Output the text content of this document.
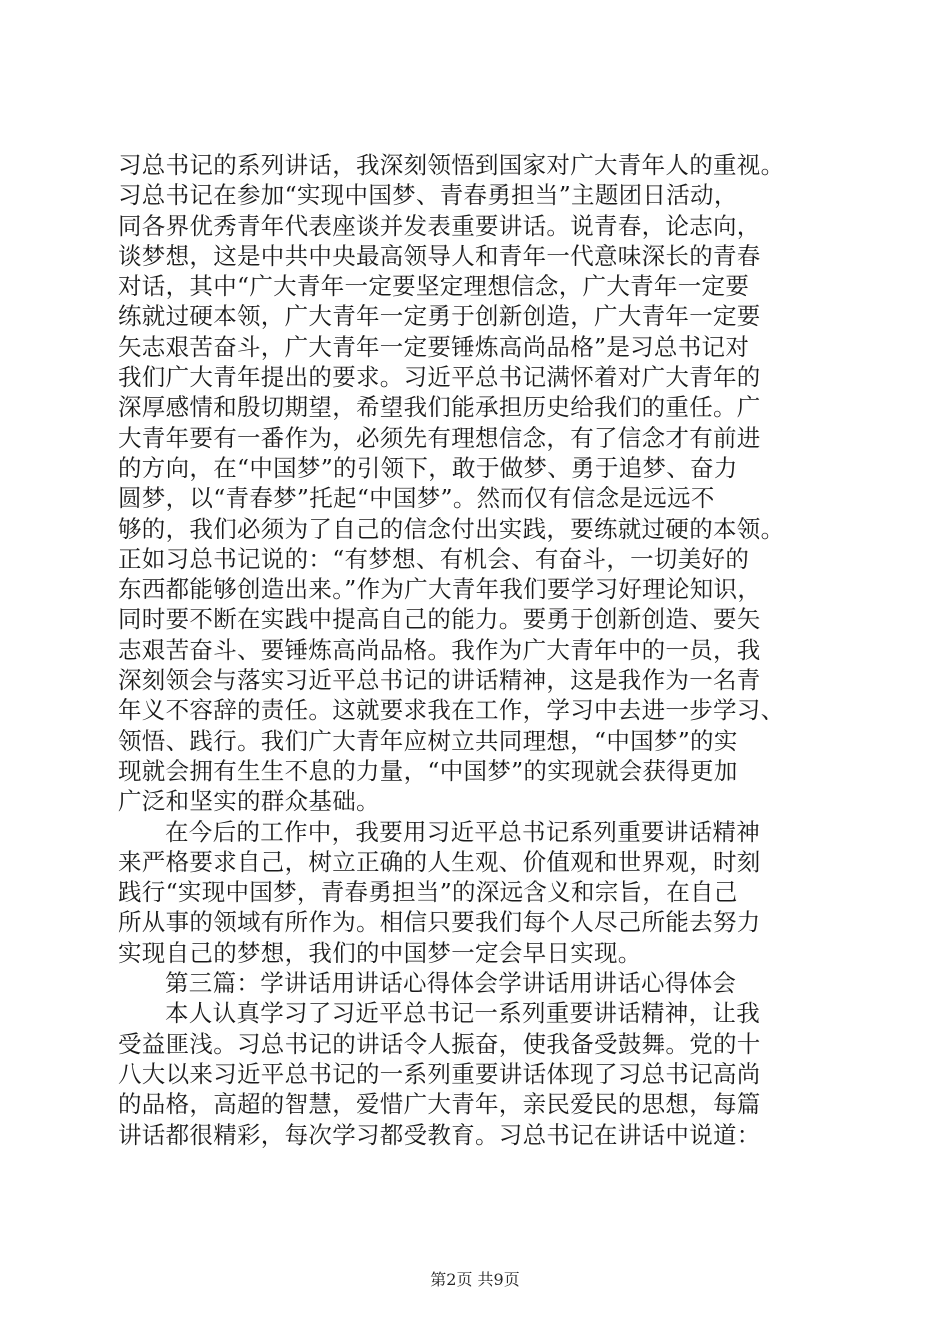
习总书记的系列讲话，我深刻领悟到国家对广大青年人的重视。
习总书记在参加“实现中国梦、青春勇担当”主题团日活动，
同各界优秀青年代表座谈并发表重要讲话。说青春，论志向，
谈梦想，这是中共中央最高领导人和青年一代意味深长的青春
对话，其中“广大青年一定要坚定理想信念，广大青年一定要
练就过硬本领，广大青年一定勇于创新创造，广大青年一定要
矢志艰苦奋斗，广大青年一定要锤炼高尚品格”是习总书记对
我们广大青年提出的要求。习近平总书记满怀着对广大青年的
深厚感情和殷切期望，希望我们能承担历史给我们的重任。广
大青年要有一番作为，必须先有理想信念，有了信念才有前进
的方向，在“中国梦”的引领下，敢于做梦、勇于追梦、奋力
圆梦，以“青春梦”托起“中国梦”。然而仅有信念是远远不
够的，我们必须为了自己的信念付出实践，要练就过硬的本领。
正如习总书记说的：“有梦想、有机会、有奋斗，一切美好的
东西都能够创造出来。”作为广大青年我们要学习好理论知识，
同时要不断在实践中提高自己的能力。要勇于创新创造、要矢
志艰苦奋斗、要锤炼高尚品格。我作为广大青年中的一员，我
深刻领会与落实习近平总书记的讲话精神，这是我作为一名青
年义不容辞的责任。这就要求我在工作，学习中去进一步学习、
领悟、践行。我们广大青年应树立共同理想，“中国梦”的实
现就会拥有生生不息的力量，“中国梦”的实现就会获得更加
广泛和坚实的群众基础。
在今后的工作中，我要用习近平总书记系列重要讲话精神
来严格要求自己，树立正确的人生观、价值观和世界观，时刻
践行“实现中国梦，青春勇担当”的深远含义和宗旨，在自己
所从事的领域有所作为。相信只要我们每个人尽己所能去努力
实现自己的梦想，我们的中国梦一定会早日实现。
第三篇：学讲话用讲话心得体会学讲话用讲话心得体会
本人认真学习了习近平总书记一系列重要讲话精神，让我
受益匪浅。习总书记的讲话令人振奋，使我备受鼓舞。党的十
八大以来习近平总书记的一系列重要讲话体现了习总书记高尚
的品格，高超的智慧，爱惜广大青年，亲民爱民的思想，每篇
讲话都很精彩，每次学习都受教育。习总书记在讲话中说道：
第2页 共9页
